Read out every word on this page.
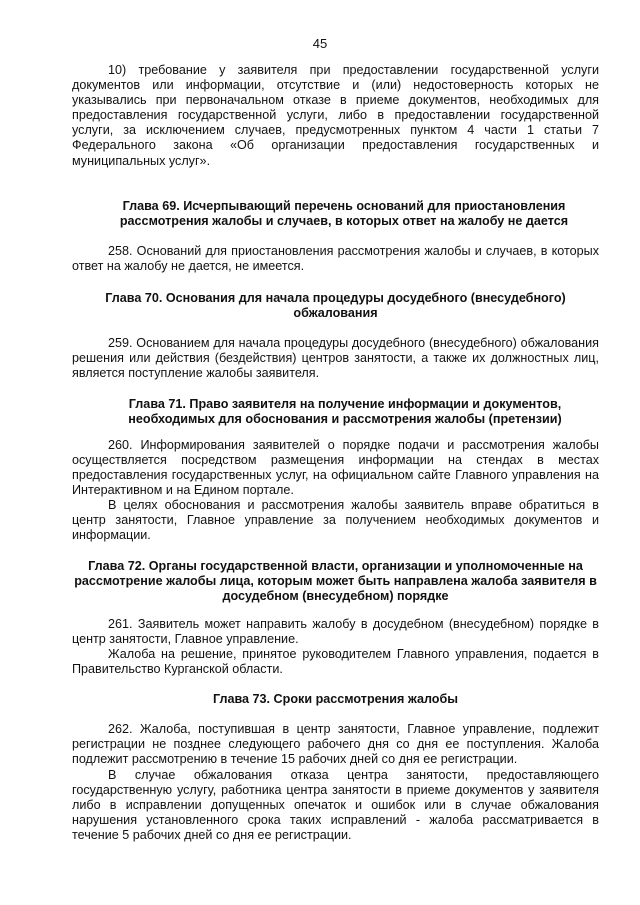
45

10) требование у заявителя при предоставлении государственной услуги документов или информации, отсутствие и (или) недостоверность которых не указывались при первоначальном отказе в приеме документов, необходимых для предоставления государственной услуги, либо в предоставлении государственной услуги, за исключением случаев, предусмотренных пунктом 4 части 1 статьи 7 Федерального закона «Об организации предоставления государственных и муниципальных услуг».

Глава 69. Исчерпывающий перечень оснований для приостановления рассмотрения жалобы и случаев, в которых ответ на жалобу не дается

258. Оснований для приостановления рассмотрения жалобы и случаев, в которых ответ на жалобу не дается, не имеется.

Глава 70. Основания для начала процедуры досудебного (внесудебного) обжалования

259. Основанием для начала процедуры досудебного (внесудебного) обжалования решения или действия (бездействия) центров занятости, а также их должностных лиц, является поступление жалобы заявителя.

Глава 71. Право заявителя на получение информации и документов, необходимых для обоснования и рассмотрения жалобы (претензии)

260. Информирования заявителей о порядке подачи и рассмотрения жалобы осуществляется посредством размещения информации на стендах в местах предоставления государственных услуг, на официальном сайте Главного управления на Интерактивном и на Едином портале.

В целях обоснования и рассмотрения жалобы заявитель вправе обратиться в центр занятости, Главное управление за получением необходимых документов и информации.

Глава 72. Органы государственной власти, организации и уполномоченные на рассмотрение жалобы лица, которым может быть направлена жалоба заявителя в досудебном (внесудебном) порядке

261. Заявитель может направить жалобу в досудебном (внесудебном) порядке в центр занятости, Главное управление.

Жалоба на решение, принятое руководителем Главного управления, подается в Правительство Курганской области.

Глава 73. Сроки рассмотрения жалобы

262. Жалоба, поступившая в центр занятости, Главное управление, подлежит регистрации не позднее следующего рабочего дня со дня ее поступления. Жалоба подлежит рассмотрению в течение 15 рабочих дней со дня ее регистрации.

В случае обжалования отказа центра занятости, предоставляющего государственную услугу, работника центра занятости в приеме документов у заявителя либо в исправлении допущенных опечаток и ошибок или в случае обжалования нарушения установленного срока таких исправлений - жалоба рассматривается в течение 5 рабочих дней со дня ее регистрации.
